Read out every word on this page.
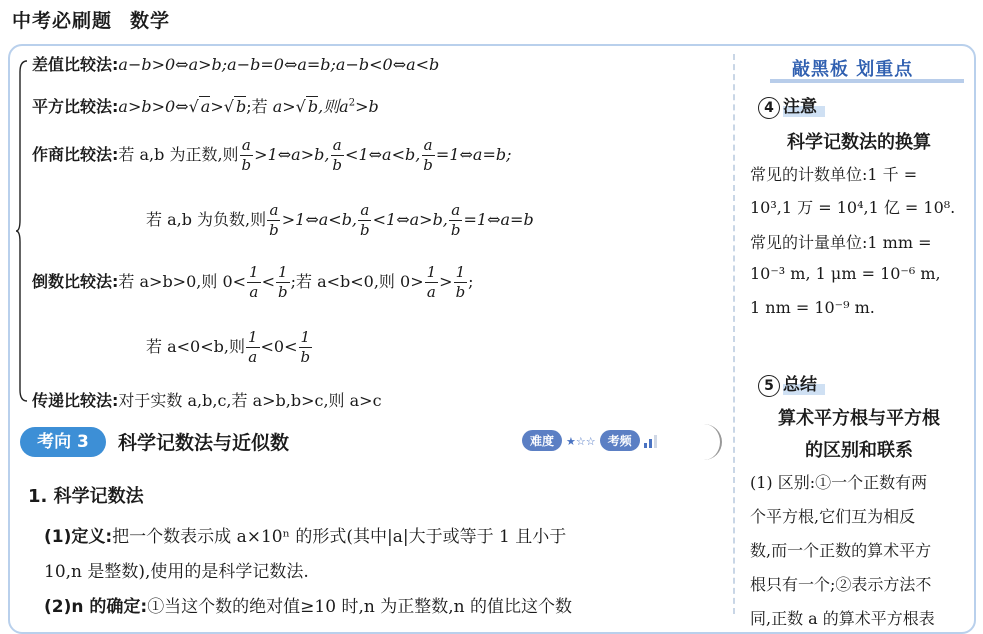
中考必刷题 数学
差值比较法:a−b>0⇔a>b;a−b=0⇔a=b;a−b<0⇔a<b
平方比较法:a>b>0⇔√ a>√ b;若 a>√ b,则$a^2>b$
作商比较法:若 a,b 为正数,则 $\frac{a}{b}$ >1⇔a>b, $\frac{a}{b}$ <1⇔a<b, $\frac{a}{b}$ =1⇔a=b;
若 a,b 为负数,则 $\frac{a}{b}$ >1⇔a<b, $\frac{a}{b}$ <1⇔a>b, $\frac{a}{b}$ =1⇔a=b
倒数比较法:若 a>b>0,则 $0< \frac{1}{a} < \frac{1}{b}$ ;若 a<b<0,则 $0> \frac{1}{a} > \frac{1}{b}$ ;
若 a<0<b,则 $\frac{1}{a} <0< \frac{1}{b}$
传递比较法:对于实数 a,b,c,若 a>b,b>c,则 a>c
考向 3	科学记数法与近似数	难度 ★☆☆ 考频
1. 科学记数法
(1)定义:把一个数表示成 a×10ⁿ 的形式(其中|a|大于或等于 1 且小于
10,n 是整数),使用的是科学记数法.
(2)n 的确定:①当这个数的绝对值≥10 时,n 为正整数,n 的值比这个数
敲黑板 划重点
4 注意
科学记数法的换算
常见的计数单位:1 千 =
10³,1 万 = 10⁴,1 亿 = 10⁸.
常见的计量单位:1 mm =
10⁻³ m, 1 μm = 10⁻⁶ m,
1 nm = 10⁻⁹ m.
5 总结
算术平方根与平方根
的区别和联系
(1) 区别:①一个正数有两
个平方根,它们互为相反
数,而一个正数的算术平方
根只有一个;②表示方法不
同,正数 a 的算术平方根表
